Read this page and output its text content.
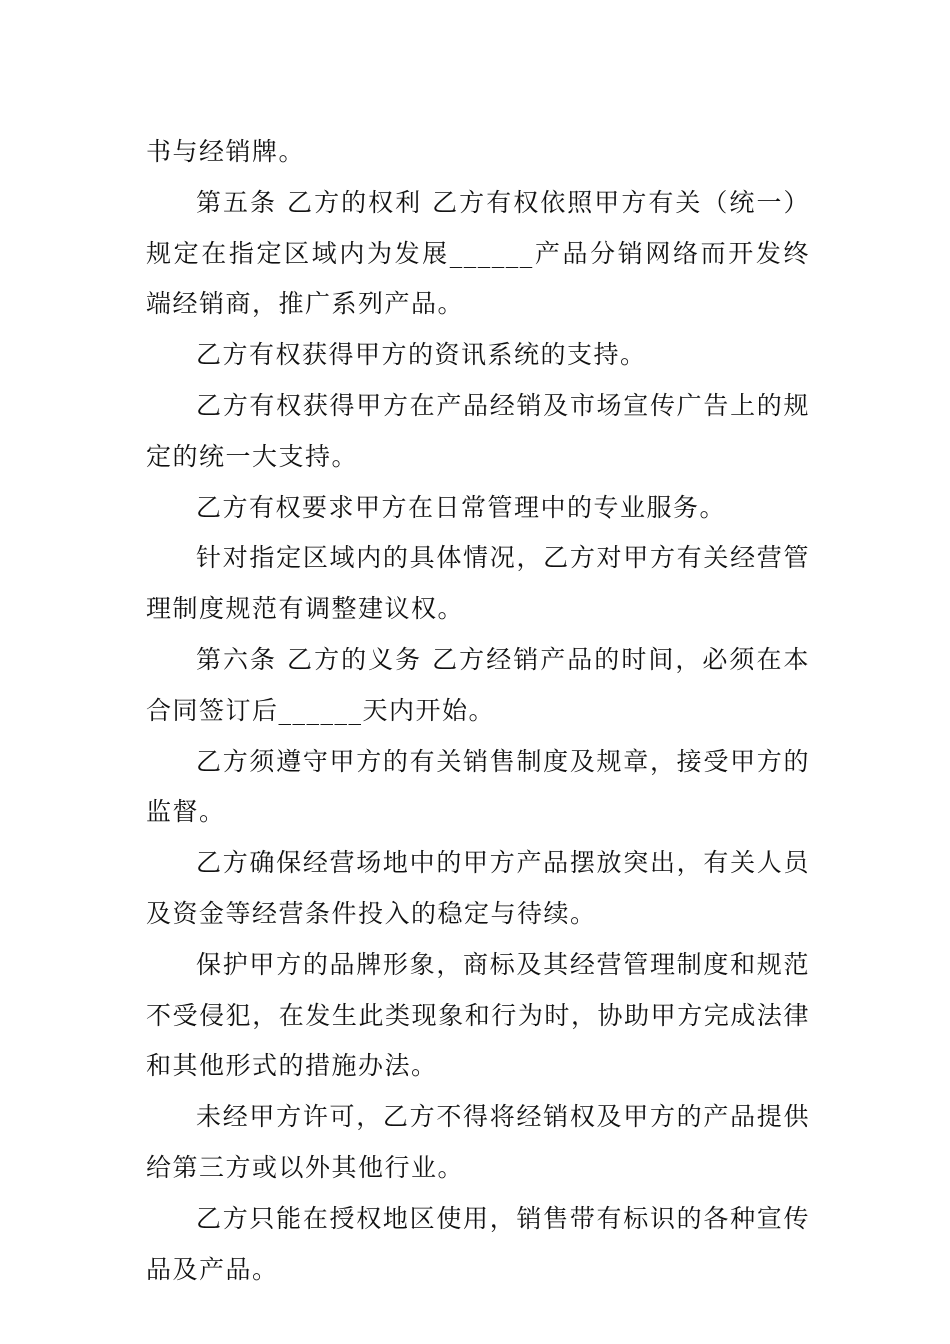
书与经销牌。

第五条 乙方的权利 乙方有权依照甲方有关（统一）规定在指定区域内为发展______产品分销网络而开发终端经销商，推广系列产品。

乙方有权获得甲方的资讯系统的支持。

乙方有权获得甲方在产品经销及市场宣传广告上的规定的统一大支持。

乙方有权要求甲方在日常管理中的专业服务。

针对指定区域内的具体情况，乙方对甲方有关经营管理制度规范有调整建议权。

第六条 乙方的义务 乙方经销产品的时间，必须在本合同签订后______天内开始。

乙方须遵守甲方的有关销售制度及规章，接受甲方的监督。

乙方确保经营场地中的甲方产品摆放突出，有关人员及资金等经营条件投入的稳定与待续。

保护甲方的品牌形象，商标及其经营管理制度和规范不受侵犯，在发生此类现象和行为时，协助甲方完成法律和其他形式的措施办法。

未经甲方许可，乙方不得将经销权及甲方的产品提供给第三方或以外其他行业。

乙方只能在授权地区使用，销售带有标识的各种宣传品及产品。
